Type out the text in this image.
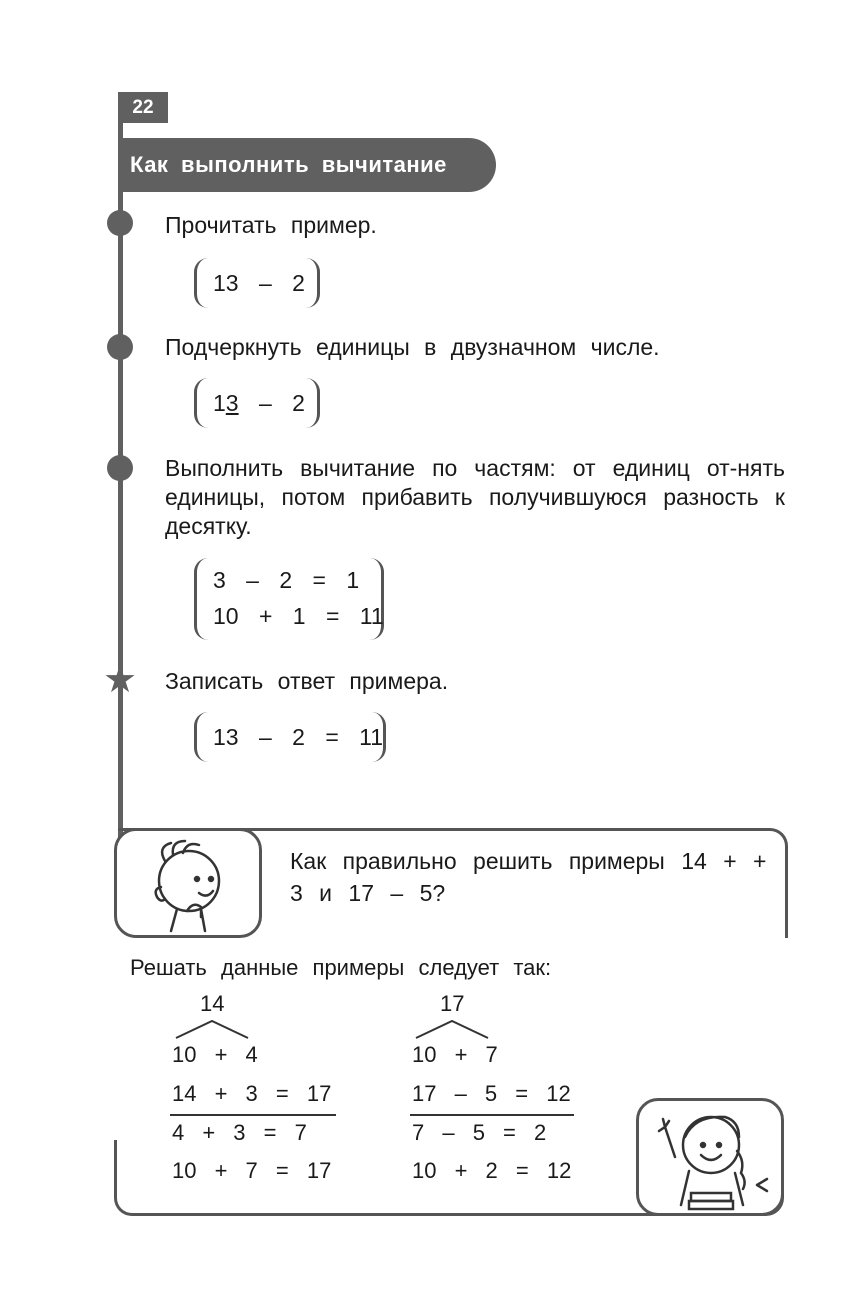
22
Как выполнить вычитание
Прочитать пример.
13 – 2
Подчеркнуть единицы в двузначном числе.
13 – 2
Выполнить вычитание по частям: от единиц от-нять единицы, потом прибавить получившуюся разность к десятку.
3 – 2 = 1
10 + 1 = 11
★ Записать ответ примера.
13 – 2 = 11
Как правильно решить примеры 14 + + 3 и 17 – 5?
Решать данные примеры следует так:
14
10 + 4
14 + 3 = 17
4 + 3 = 7
10 + 7 = 17
17
10 + 7
17 – 5 = 12
7 – 5 = 2
10 + 2 = 12
